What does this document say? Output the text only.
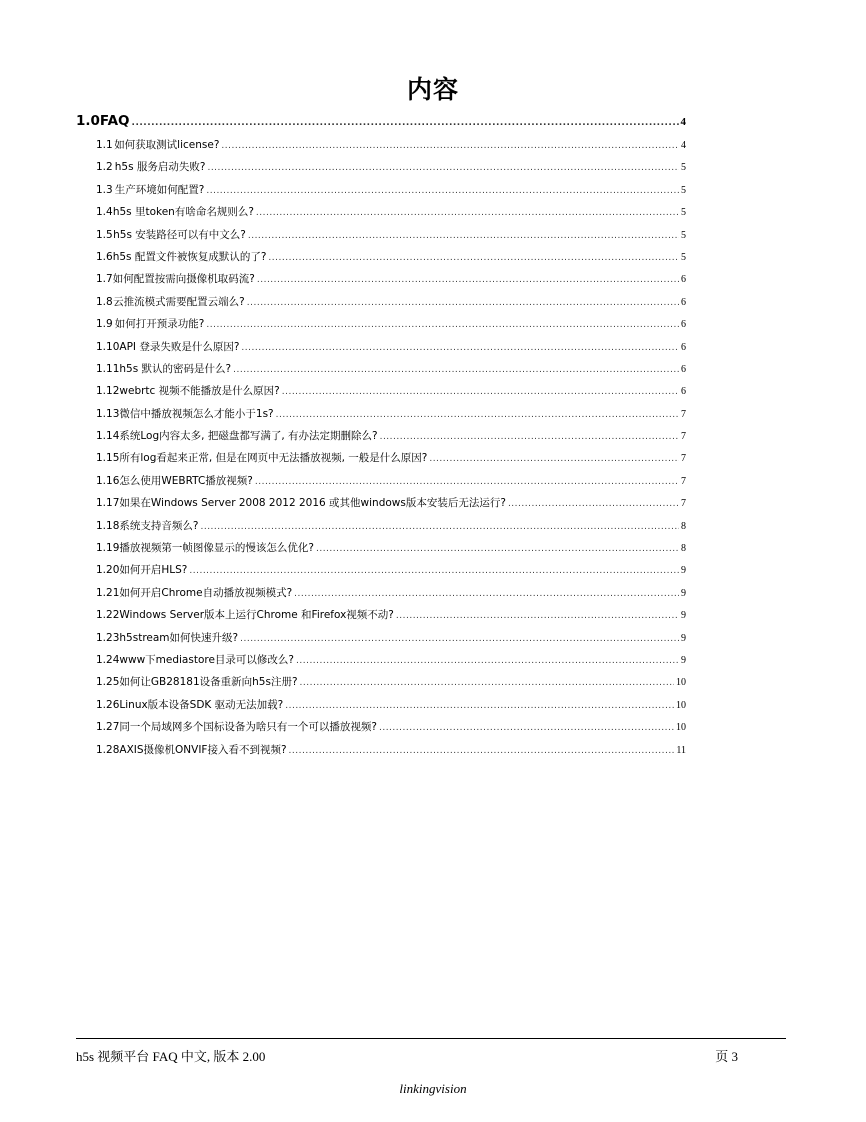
内容
1.0 FAQ .....	4
1.1 如何获取测试license? .....	4
1.2 h5s 服务启动失败? .....	5
1.3 生产环境如何配置? .....	5
1.4 h5s 里token有啥命名规则么? .....	5
1.5 h5s 安装路径可以有中文么? .....	5
1.6 h5s 配置文件被恢复成默认的了? .....	5
1.7 如何配置按需向摄像机取码流? .....	6
1.8 云推流模式需要配置云端么? .....	6
1.9 如何打开预录功能? .....	6
1.10 API 登录失败是什么原因? .....	6
1.11 h5s 默认的密码是什么? .....	6
1.12 webrtc 视频不能播放是什么原因? .....	6
1.13 微信中播放视频怎么才能小于1s? .....	7
1.14 系统Log内容太多, 把磁盘都写满了, 有办法定期删除么? .....	7
1.15 所有log看起来正常, 但是在网页中无法播放视频, 一般是什么原因? .....	7
1.16 怎么使用WEBRTC播放视频? .....	7
1.17 如果在Windows Server 2008 2012 2016 或其他windows版本安装后无法运行? .....	7
1.18 系统支持音频么? .....	8
1.19 播放视频第一帧图像显示的慢该怎么优化? .....	8
1.20 如何开启HLS? .....	9
1.21 如何开启Chrome自动播放视频模式? .....	9
1.22 Windows Server版本上运行Chrome 和Firefox视频不动? .....	9
1.23 h5stream如何快速升级? .....	9
1.24 www下mediastore目录可以修改么? .....	9
1.25 如何让GB28181设备重新向h5s注册? .....	10
1.26 Linux版本设备SDK 驱动无法加载? .....	10
1.27 同一个局域网多个国标设备为啥只有一个可以播放视频? .....	10
1.28 AXIS摄像机ONVIF接入看不到视频? .....	11
h5s 视频平台 FAQ 中文, 版本 2.00	页 3
linkingvision
